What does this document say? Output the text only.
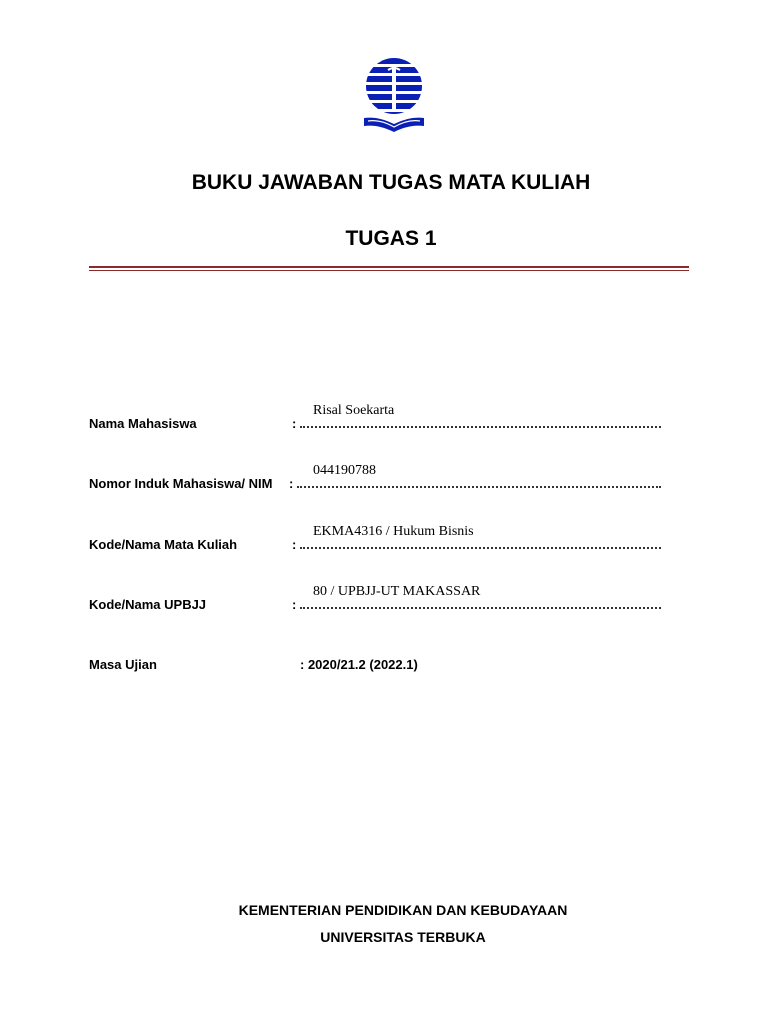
BUKU JAWABAN TUGAS MATA KULIAH
TUGAS 1
Nama Mahasiswa	:
Risal Soekarta
Nomor Induk Mahasiswa/ NIM :
044190788
Kode/Nama Mata Kuliah	:
EKMA4316 / Hukum Bisnis
Kode/Nama UPBJJ	:
80 / UPBJJ-UT MAKASSAR
Masa Ujian	: 2020/21.2 (2022.1)
KEMENTERIAN PENDIDIKAN DAN KEBUDAYAAN
UNIVERSITAS TERBUKA
